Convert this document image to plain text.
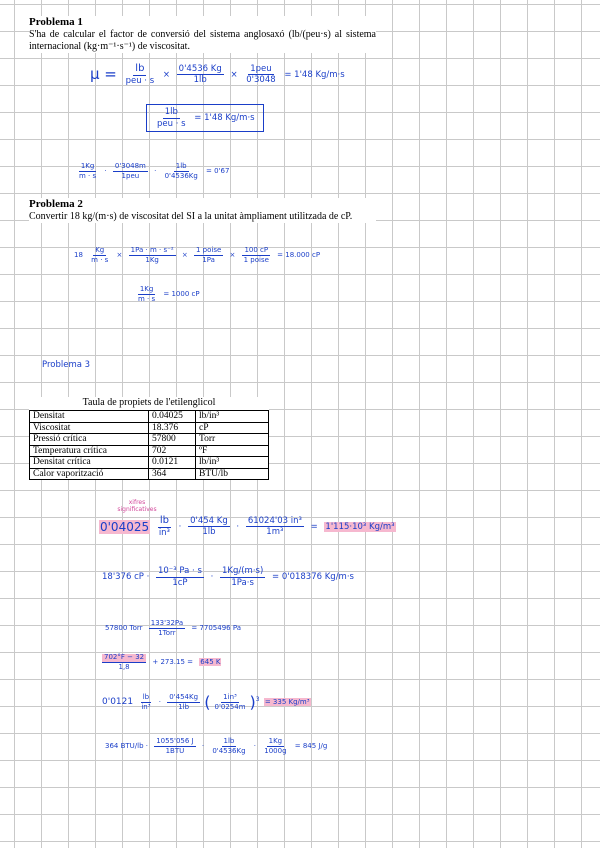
Problema 1

S'ha de calcular el factor de conversió del sistema anglosaxó (lb/(peu·s) al sistema internacional (kg·m⁻¹·s⁻¹) de viscositat.

$\mu = \frac{lb}{\text{peu · s}} \times \frac{0'4536 Kg}{1lb} \times \frac{\text{1peu}}{0'3048} = 1'48$ Kg/m·s
$\frac{1lb}{\text{peu · s}} = 1'48$ Kg/m·s
$\frac{1Kg}{m \cdot s} \cdot \frac{0'3048m}{\text{1peu}} \cdot \frac{1lb}{0'4536Kg} = 0'67$

Problema 2

Convertir 18 kg/(m·s) de viscositat del SI a la unitat àmpliament utilitzada de cP.

$18 \frac{Kg}{m \cdot s} \times \frac{\text{1Pa · m · s⁻²}}{1Kg} \times \frac{\text{1 poise}}{1Pa} \times \frac{100 cP}{\text{1 poise}} = 18.000$ cP
$\frac{1Kg}{m \cdot s} = 1000$ cP
Problema 3

Taula de propiets de l'etilenglicol

Densitat	0.04025	lb/in³
Viscositat	18.376	cP
Pressió crítica	57800	Torr
Temperatura crítica	702	ºF
Densitat crítica	0.0121	lb/in³
Calor vaporització	364	BTU/lb
xifres significatives
$0'04025 \frac{lb}{\text{in³}} \cdot \frac{0'454 Kg}{1lb} \cdot \frac{\text{61024'03 in³}}{\text{1m³}} = 1'115\cdot 10^3$ Kg/m³
18'376 cP · $\frac{\text{10⁻³ Pa · s}}{1cP} \cdot \frac{1Kg/(m\cdot s)}{1Pa\cdot s} = 0'018376$ Kg/m·s
57800 Torr $\frac{133'32Pa}{\text{1Torr}} = 7705496$ Pa
$\frac{702^\circ F - 32}{1,8} + 273.15 = 645$ K
$0'0121 \frac{lb}{\text{in³}} \cdot \frac{0'454Kg}{1lb}$ ( $\frac{\text{1in³}}{0'0254m} )^3 = 335$ Kg/m³
364 $BTU/lb \cdot \frac{1055'056 J}{\text{1BTU}} \cdot \frac{1lb}{0'4536Kg} \cdot \frac{1Kg}{1000g} = 845$ J/g
